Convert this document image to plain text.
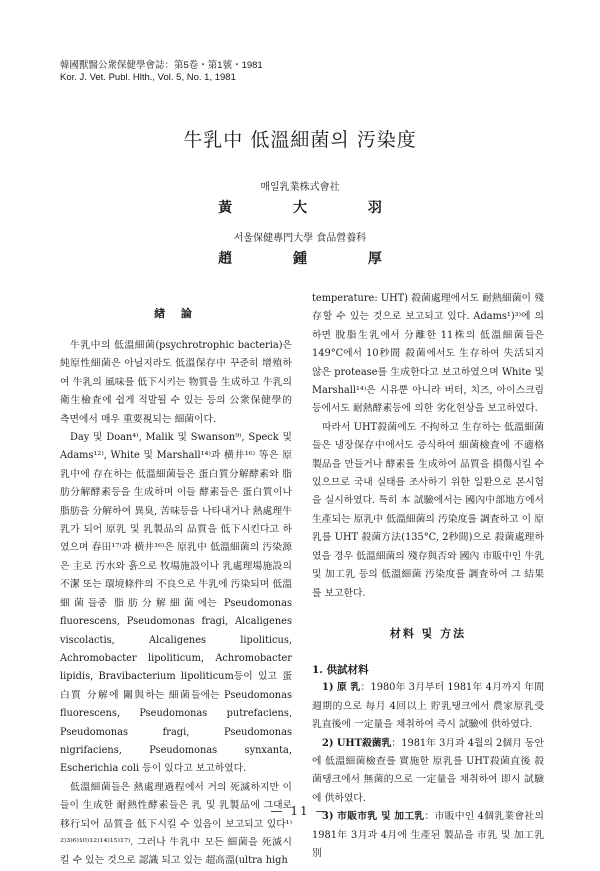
韓國獸醫公衆保健學會誌：第5卷・第1號・1981
Kor. J. Vet. Publ. Hlth., Vol. 5, No. 1, 1981
牛乳中 低溫細菌의 汚染度
매일乳業株式會社
黃 大 羽
서울保健專門大學 食品營養科
趙 鍾 厚
緖 論

牛乳中의 低溫細菌(psychrotrophic bacteria)은 純原性細菌은 아닐지라도 低溫保存中 꾸준히 增殖하여 牛乳의 風味를 低下시키는 物質을 生成하고 牛乳의 衛生檢査에 쉽게 적발될 수 있는 등의 公衆保健學的 측면에서 매우 重要視되는 細菌이다.

Day 및 Doan⁴⁾, Malik 및 Swanson⁹⁾, Speck 및 Adams¹²⁾, White 및 Marshall¹⁴⁾과 横井¹⁶⁾ 等은 原乳中에 存在하는 低溫細菌들은 蛋白質分解酵素와 脂肪分解酵素등을 生成하며 이들 酵素들은 蛋白質이나 脂肪을 分解하여 異臭, 苦味등을 나타내거나 熱處理牛乳가 되어 原乳 및 乳製品의 品質을 低下시킨다고 하였으며 春田¹⁷⁾과 横井¹⁶⁾은 原乳中 低溫細菌의 汚染源은 主로 汚水와 흙으로 牧場施設이나 乳處理場施設의 不潔 또는 環境條件의 不良으로 牛乳에 汚染되며 低溫細菌들중 脂肪分解細菌에는 Pseudomonas fluorescens, Pseudomonas fragi, Alcaligenes viscolactis, Alcaligenes lipoliticus, Achromobacter lipoliticum, Achromobacter lipidis, Bravibacterium lipoliticum등이 있고 蛋白質 分解에 關與하는 細菌들에는 Pseudomonas fluorescens, Pseudomonas putrefaciens, Pseudomonas fragi, Pseudomonas nigrifaciens, Pseudomonas synxanta, Escherichia coli 등이 있다고 보고하였다.

低溫細菌들은 熱處理過程에서 거의 死滅하지만 이들이 生成한 耐熱性酵素들은 乳 및 乳製品에 그대로 移行되어 品質을 低下시킬 수 있음이 보고되고 있다¹⁾²⁾³⁾⁶⁾¹⁰⁾¹²⁾¹⁴⁾¹⁵⁾¹⁷⁾. 그러나 牛乳中 모든 細菌을 死滅시킬 수 있는 것으로 認識 되고 있는 超高溫(ultra high

temperature: UHT) 殺菌處理에서도 耐熱細菌이 殘存할 수 있는 것으로 보고되고 있다. Adams¹)³⁾에 의하면 脫脂生乳에서 分離한 11株의 低溫細菌들은 149°C에서 10秒間 殺菌에서도 生存하여 失活되지 않은 protease를 生成한다고 보고하였으며 White 및 Marshall¹⁴⁾은 시유뿐 아니라 버터, 치즈, 아이스크림등에서도 耐熱酵素등에 의한 劣化현상을 보고하였다.

따라서 UHT殺菌에도 不拘하고 生存하는 低溫細菌들은 냉장保存中에서도 증식하여 細菌檢査에 不適格製品을 만들거나 酵素를 生成하여 品質을 損傷시킬 수 있으므로 국내 실태를 조사하기 위한 일환으로 본시험을 실시하였다. 특히 本 試驗에서는 國內中部地方에서 生產되는 原乳中 低溫細菌의 汚染度를 調査하고 이 原乳를 UHT 殺菌方法(135°C, 2秒間)으로 殺菌處理하였을 경우 低溫細菌의 殘存與否와 國內 市販中인 牛乳및 加工乳 등의 低溫細菌 汚染度를 調査하여 그 結果를 보고한다.

材料 및 方法
1. 供試材料

1) 原 乳：1980年 3月부터 1981年 4月까지 年間 週期的으로 每月 4回以上 貯乳탱크에서 農家原乳受乳直後에 一定量을 채취하여 즉시 試驗에 供하였다.

2) UHT殺菌乳：1981年 3月과 4월의 2個月 동안에 低溫細菌檢查를 實施한 原乳를 UHT殺菌直後 殺菌탱크에서 無菌的으로 一定量을 채취하여 即시 試驗에 供하였다.

3) 市販市乳 및 加工乳：市販中인 4個乳業會社의 1981年 3月과 4月에 生產된 製品을 市乳 및 加工乳別

— 11 —
